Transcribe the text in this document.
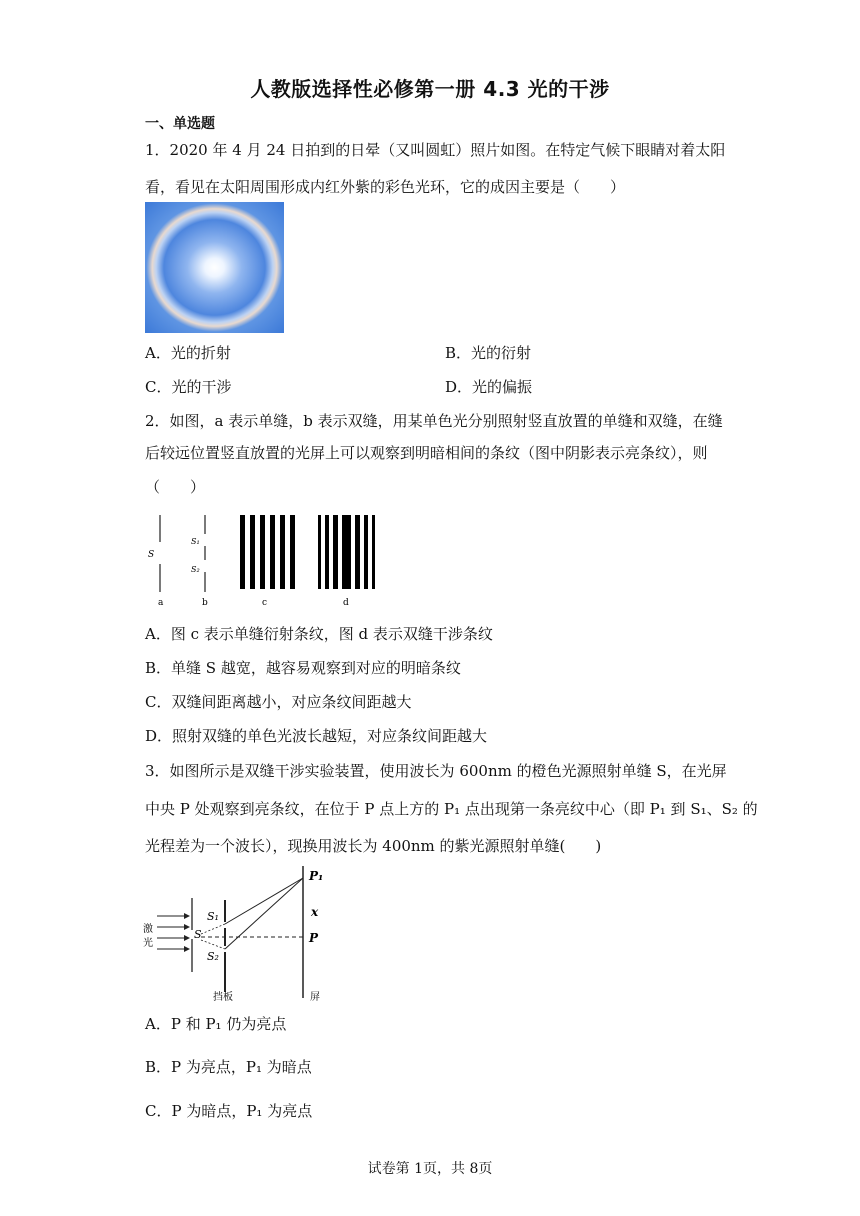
人教版选择性必修第一册 4.3 光的干涉
一、单选题
1．2020 年 4 月 24 日拍到的日晕（又叫圆虹）照片如图。在特定气候下眼睛对着太阳
看，看见在太阳周围形成内红外紫的彩色光环，它的成因主要是（　　）
A．光的折射	B．光的衍射
C．光的干涉	D．光的偏振
2．如图，a 表示单缝，b 表示双缝，用某单色光分别照射竖直放置的单缝和双缝，在缝
后较远位置竖直放置的光屏上可以观察到明暗相间的条纹（图中阴影表示亮条纹），则
（　　）
S
S₁
S₂
a	b	c	d
A．图 c 表示单缝衍射条纹，图 d 表示双缝干涉条纹
B．单缝 S 越宽，越容易观察到对应的明暗条纹
C．双缝间距离越小，对应条纹间距越大
D．照射双缝的单色光波长越短，对应条纹间距越大
3．如图所示是双缝干涉实验装置，使用波长为 600nm 的橙色光源照射单缝 S，在光屏
中央 P 处观察到亮条纹，在位于 P 点上方的 P₁ 点出现第一条亮纹中心（即 P₁ 到 S₁、S₂ 的
光程差为一个波长），现换用波长为 400nm 的紫光源照射单缝(　　)
激
光
S
S₁
S₂
挡板	屏
P₁
x
P
A．P 和 P₁ 仍为亮点
B．P 为亮点，P₁ 为暗点
C．P 为暗点，P₁ 为亮点
试卷第 1页，共 8页
